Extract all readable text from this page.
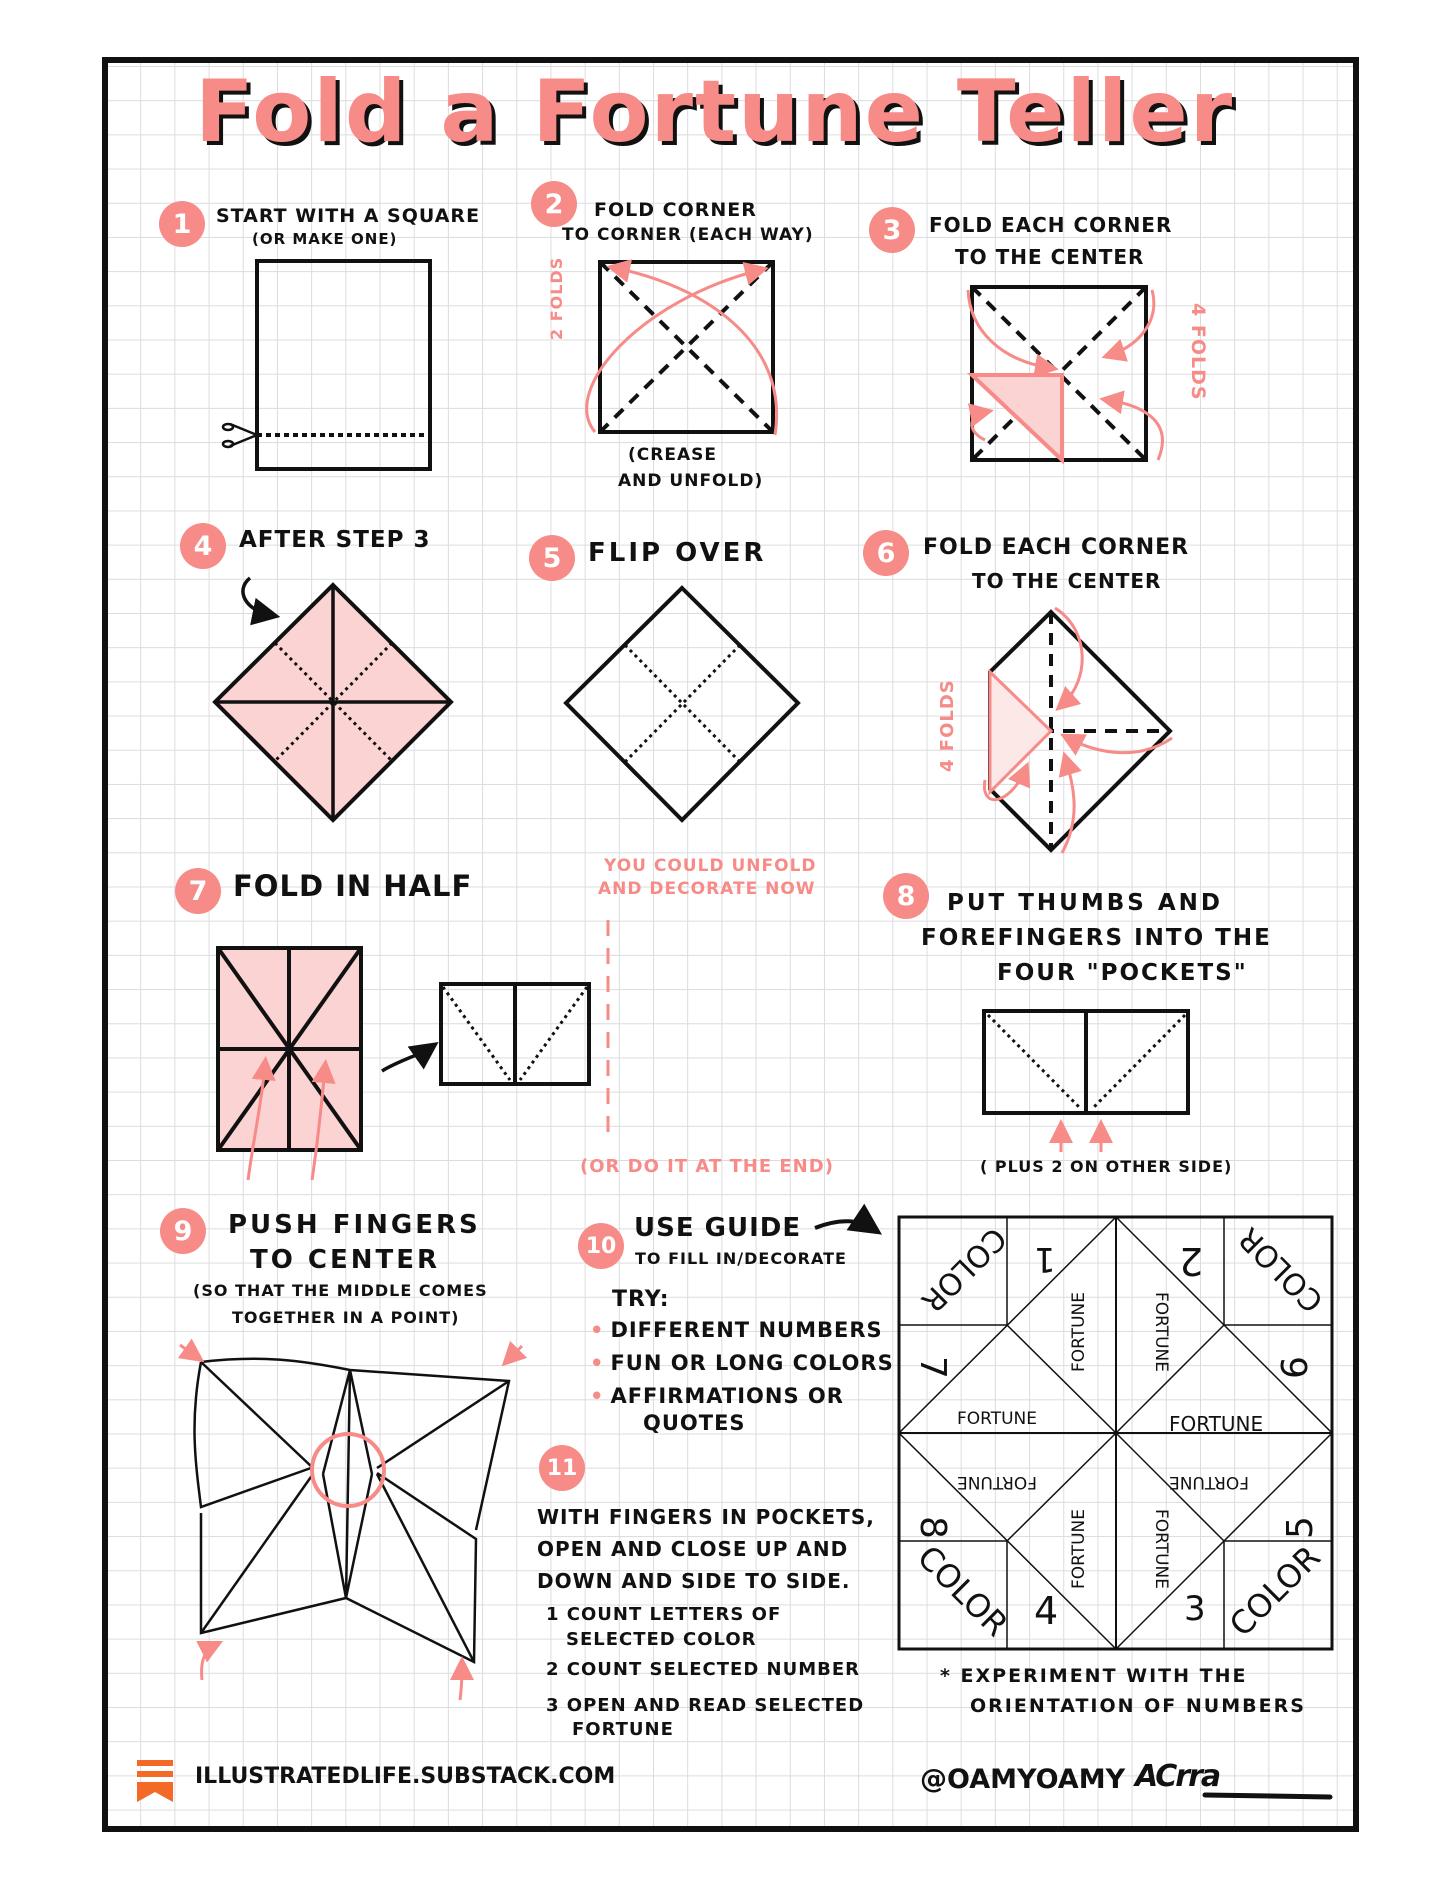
Fold a Fortune Teller
1
2
3
4	5	6
7	8
9	10
11
START WITH A SQUARE
(OR MAKE ONE)
FOLD CORNER
TO CORNER (EACH WAY)
2 FOLDS
(CREASE
AND UNFOLD)
FOLD EACH CORNER
TO THE CENTER
4 FOLDS
AFTER STEP 3	FLIP OVER	FOLD EACH CORNER
TO THE CENTER
4 FOLDS
FOLD IN HALF
YOU COULD UNFOLD
AND DECORATE NOW
(OR DO IT AT THE END)
PUT THUMBS AND
FOREFINGERS INTO THE
FOUR "POCKETS"
( PLUS 2 ON OTHER SIDE)
PUSH FINGERS
TO CENTER
(SO THAT THE MIDDLE COMES
TOGETHER IN A POINT)
USE GUIDE
TO FILL IN/DECORATE
TRY:
• DIFFERENT NUMBERS
• FUN OR LONG COLORS
• AFFIRMATIONS OR
QUOTES
WITH FINGERS IN POCKETS,
OPEN AND CLOSE UP AND
DOWN AND SIDE TO SIDE.
1 COUNT LETTERS OF
SELECTED COLOR
2 COUNT SELECTED NUMBER
3 OPEN AND READ SELECTED
FORTUNE
COLOR	COLOR
COLOR	COLOR
1	2
3
4
5
6
7
8
FORTUNE
FORTUNE	FORTUNE
FORTUNE
FORTUNE	FORTUNE
FORTUNE	FORTUNE
* EXPERIMENT WITH THE
ORIENTATION OF NUMBERS
ILLUSTRATEDLIFE.SUBSTACK.COM	@OAMYOAMY ACrra
